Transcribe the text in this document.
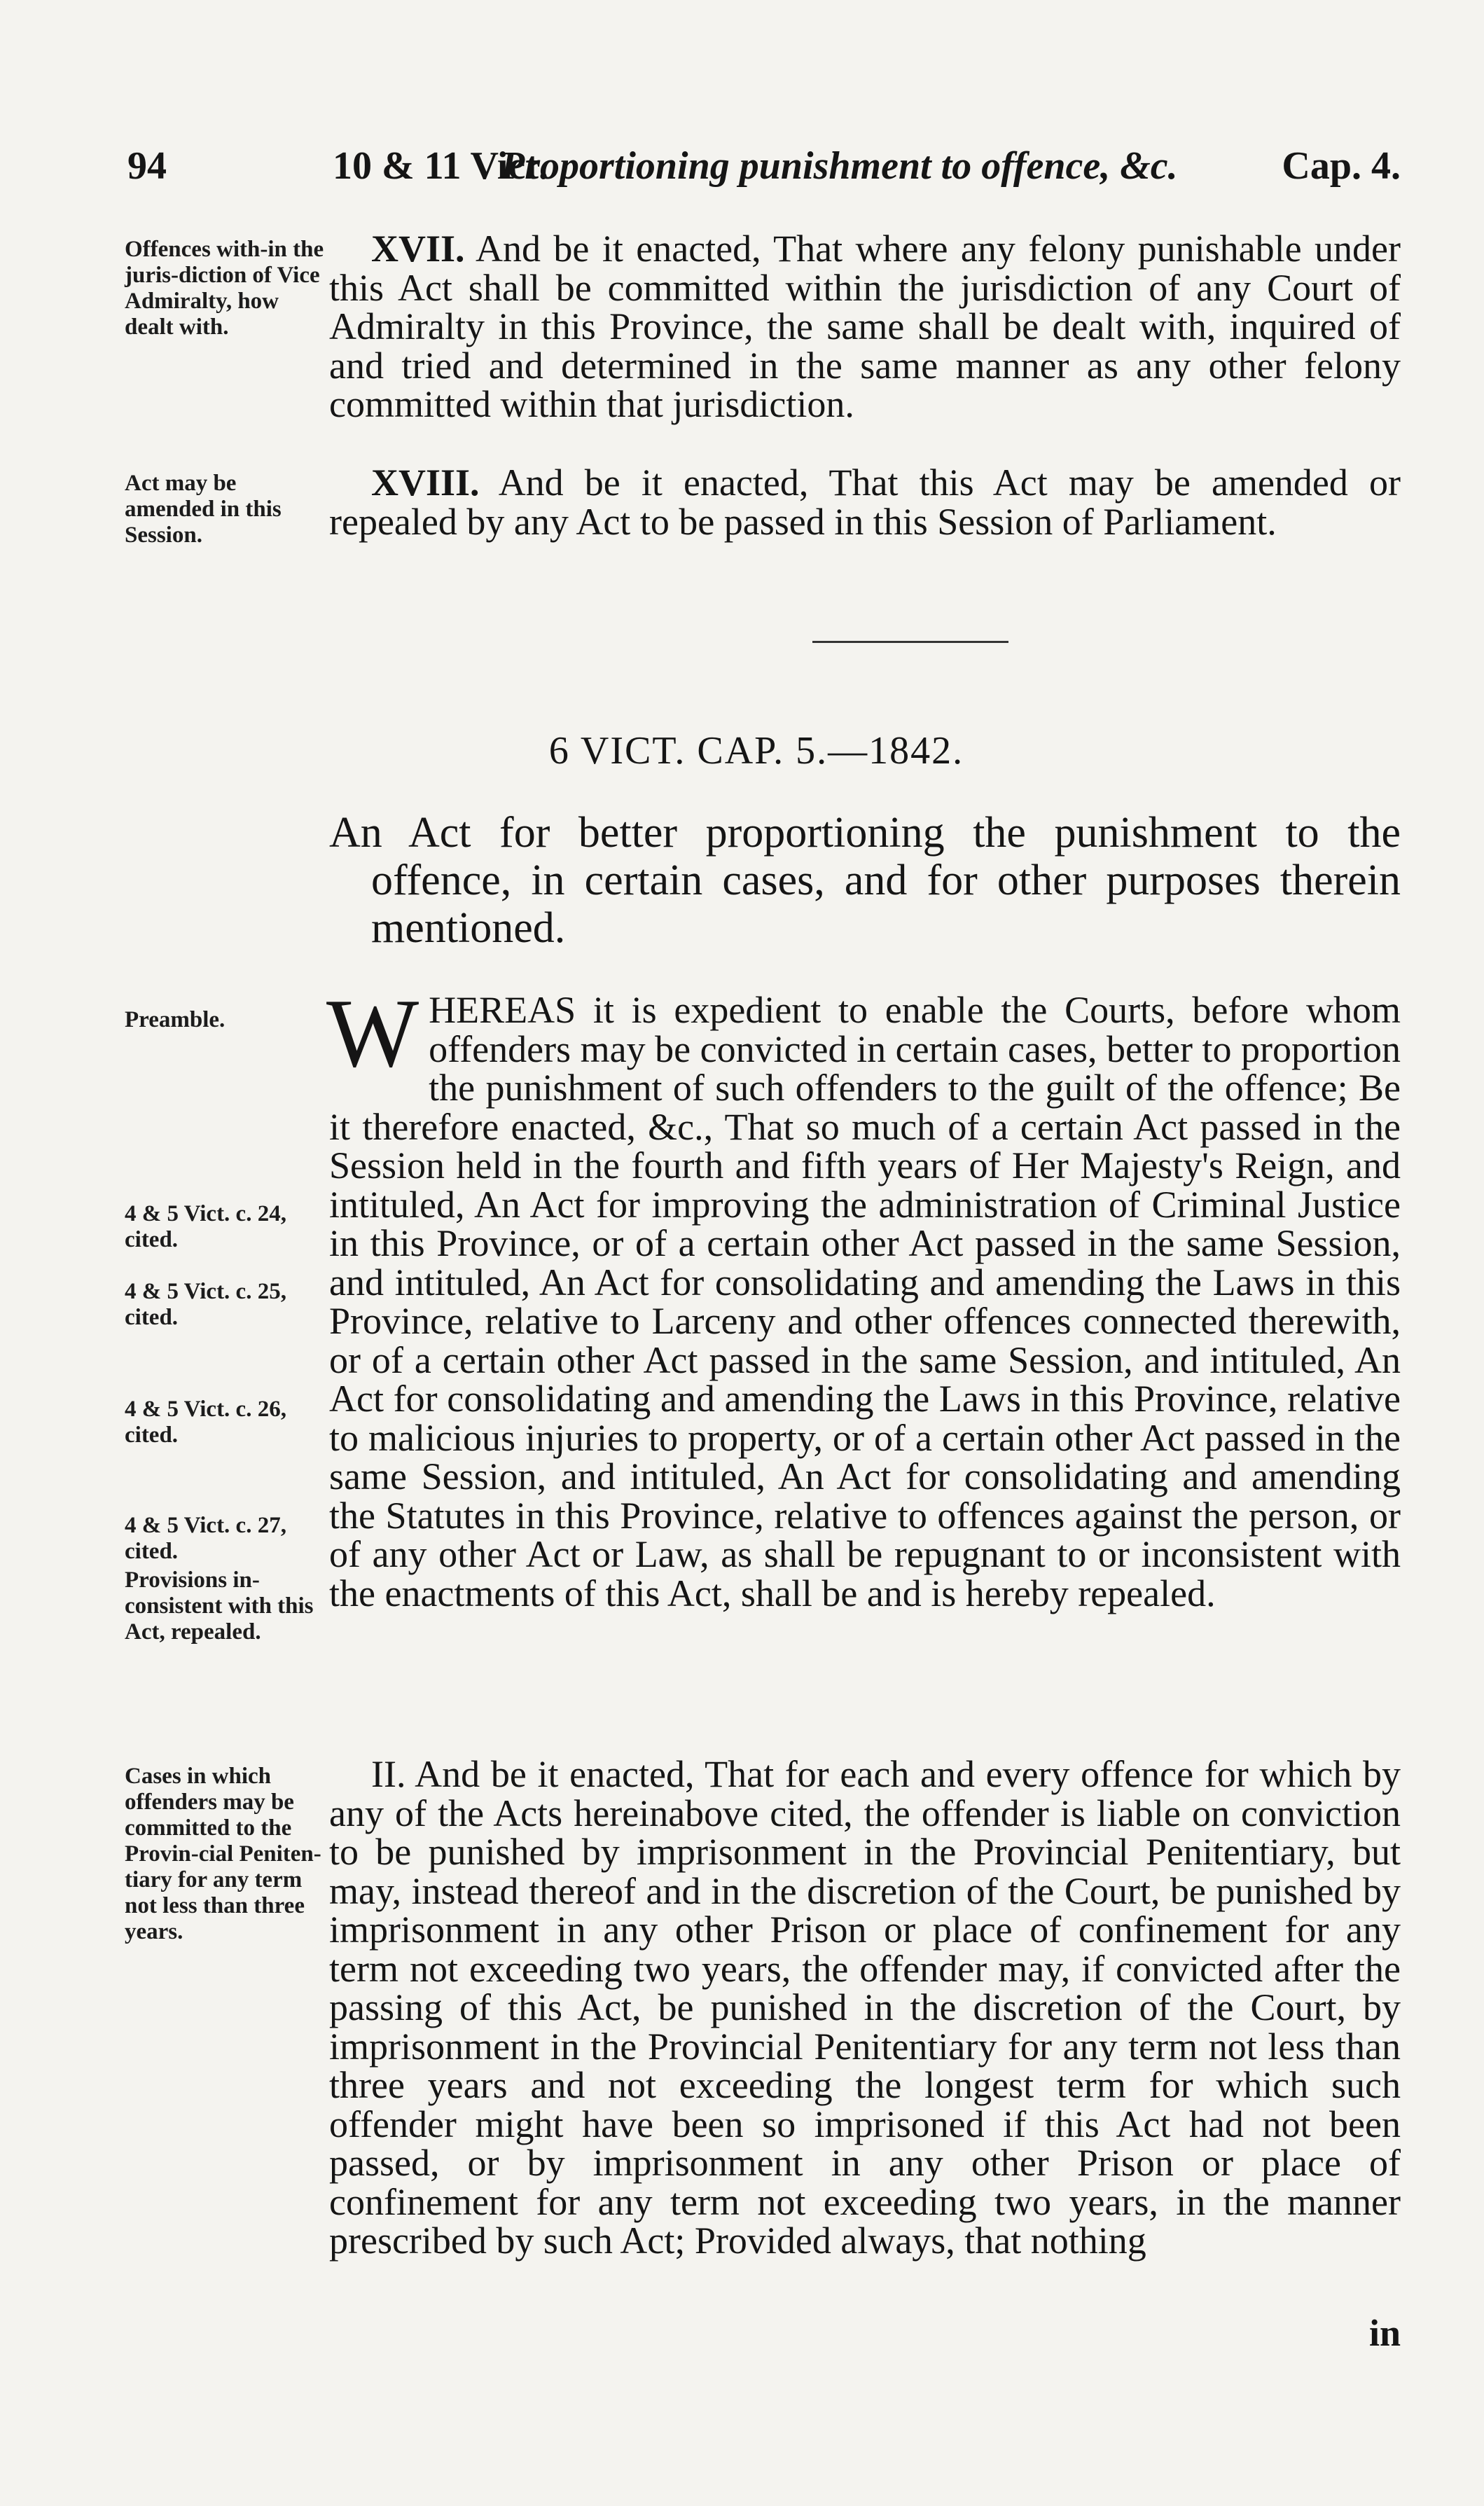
94	10 & 11 Vict.
Proportioning punishment to offence, &c.	Cap. 4.
Offences with-in the juris-diction of Vice Admiralty, how dealt with.
XVII. And be it enacted, That where any felony punishable under this Act shall be committed within the jurisdiction of any Court of Admiralty in this Province, the same shall be dealt with, inquired of and tried and determined in the same manner as any other felony committed within that jurisdiction.
Act may be amended in this Session.
XVIII. And be it enacted, That this Act may be amended or repealed by any Act to be passed in this Session of Parliament.
6 VICT. CAP. 5.—1842.
An Act for better proportioning the punishment to the offence, in certain cases, and for other purposes therein mentioned.
Preamble.
4 & 5 Vict. c. 24, cited.
4 & 5 Vict. c. 25, cited.
4 & 5 Vict. c. 26, cited.
4 & 5 Vict. c. 27, cited.
Provisions in-consistent with this Act, repealed.
WHEREAS it is expedient to enable the Courts, before whom offenders may be convicted in certain cases, better to proportion the punishment of such offenders to the guilt of the offence; Be it therefore enacted, &c., That so much of a certain Act passed in the Session held in the fourth and fifth years of Her Majesty's Reign, and intituled, An Act for improving the administration of Criminal Justice in this Province, or of a certain other Act passed in the same Session, and intituled, An Act for consolidating and amending the Laws in this Province, relative to Larceny and other offences connected therewith, or of a certain other Act passed in the same Session, and intituled, An Act for consolidating and amending the Laws in this Province, relative to malicious injuries to property, or of a certain other Act passed in the same Session, and intituled, An Act for consolidating and amending the Statutes in this Province, relative to offences against the person, or of any other Act or Law, as shall be repugnant to or inconsistent with the enactments of this Act, shall be and is hereby repealed.
Cases in which offenders may be committed to the Provin-cial Peniten-tiary for any term not less than three years.
II. And be it enacted, That for each and every offence for which by any of the Acts hereinabove cited, the offender is liable on conviction to be punished by imprisonment in the Provincial Penitentiary, but may, instead thereof and in the discretion of the Court, be punished by imprisonment in any other Prison or place of confinement for any term not exceeding two years, the offender may, if convicted after the passing of this Act, be punished in the discretion of the Court, by imprisonment in the Provincial Penitentiary for any term not less than three years and not exceeding the longest term for which such offender might have been so imprisoned if this Act had not been passed, or by imprisonment in any other Prison or place of confinement for any term not exceeding two years, in the manner prescribed by such Act; Provided always, that nothing
in
